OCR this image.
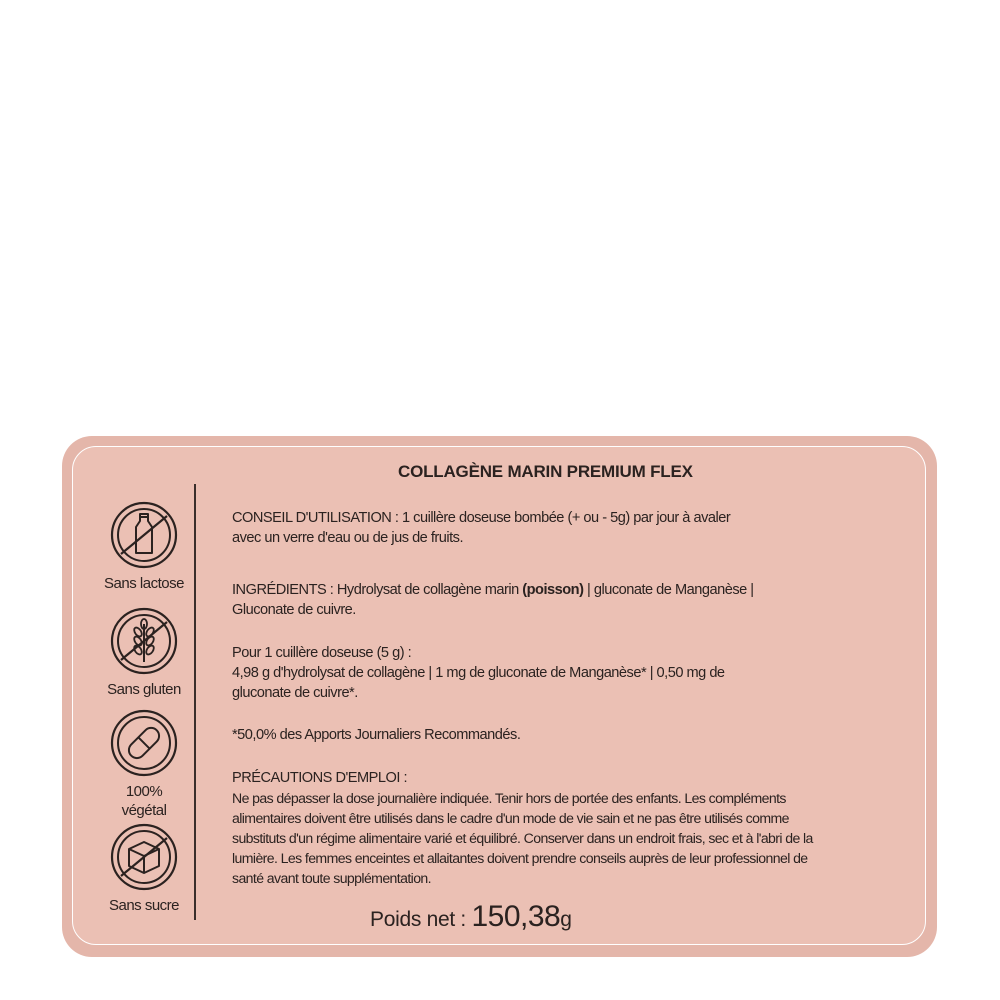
Sans lactose
Sans gluten
100%
végétal
Sans sucre
COLLAGÈNE MARIN PREMIUM FLEX
CONSEIL D'UTILISATION : 1 cuillère doseuse bombée (+ ou - 5g) par jour à avaler
avec un verre d'eau ou de jus de fruits.
INGRÉDIENTS : Hydrolysat de collagène marin (poisson) | gluconate de Manganèse |
Gluconate de cuivre.
Pour 1 cuillère doseuse (5 g) :
4,98 g d'hydrolysat de collagène | 1 mg de gluconate de Manganèse* | 0,50 mg de
gluconate de cuivre*.
*50,0% des Apports Journaliers Recommandés.
PRÉCAUTIONS D'EMPLOI :
Ne pas dépasser la dose journalière indiquée. Tenir hors de portée des enfants. Les compléments
alimentaires doivent être utilisés dans le cadre d'un mode de vie sain et ne pas être utilisés comme
substituts d'un régime alimentaire varié et équilibré. Conserver dans un endroit frais, sec et à l'abri de la
lumière. Les femmes enceintes et allaitantes doivent prendre conseils auprès de leur professionnel de
santé avant toute supplémentation.
Poids net : 150,38g
